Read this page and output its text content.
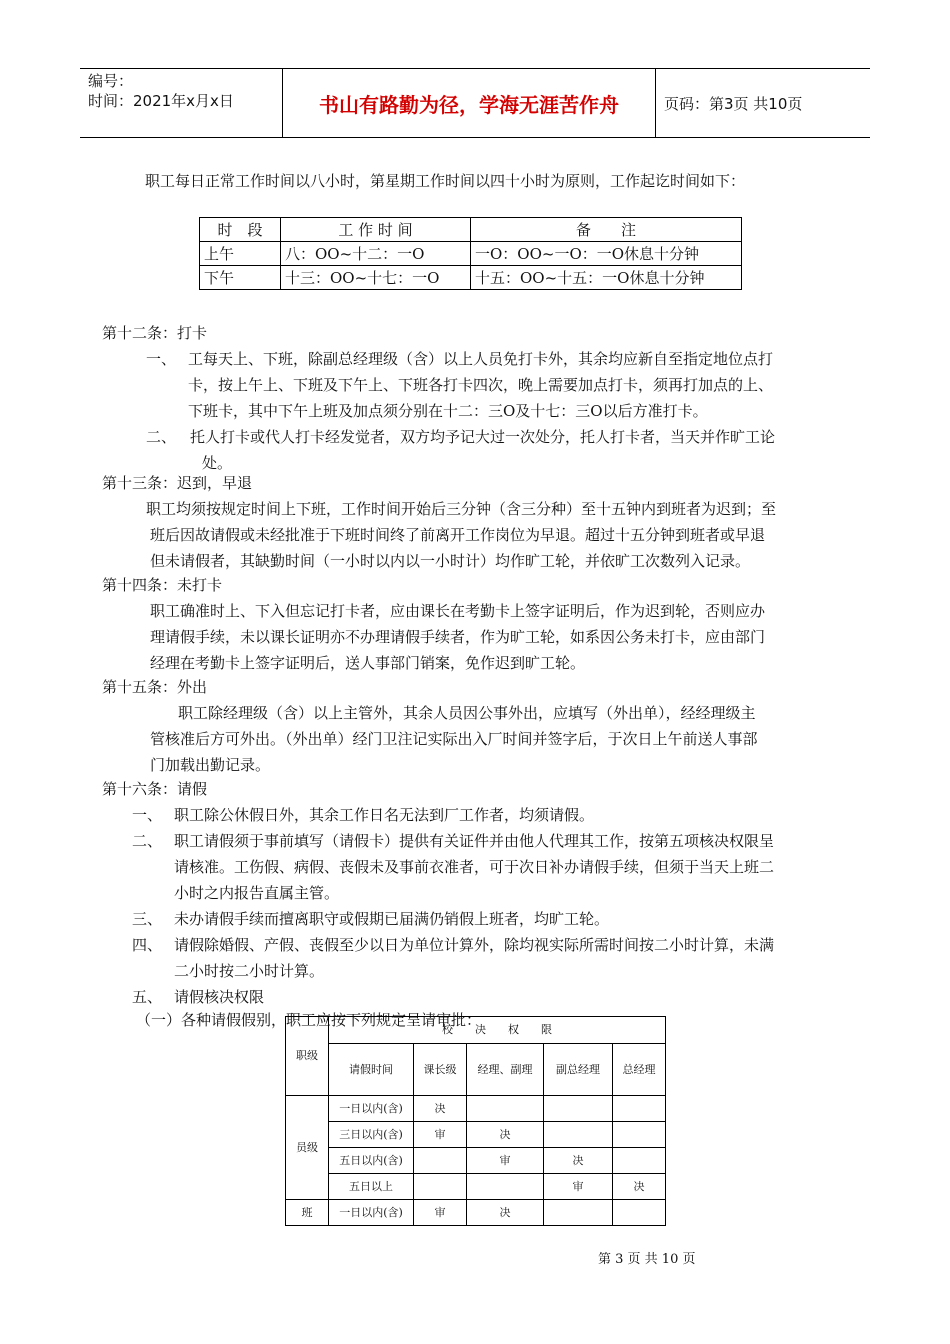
编号：
时间：2021年x月x日	书山有路勤为径，学海无涯苦作舟	页码：第3页 共10页
职工每日正常工作时间以八小时，第星期工作时间以四十小时为原则，工作起讫时间如下：
时　段	工 作 时 间	备　　注
上午	八：OO~十二：一O	一O：OO~一O：一O休息十分钟
下午	十三：OO~十七：一O	十五：OO~十五：一O休息十分钟
第十二条：打卡
一、 工每天上、下班，除副总经理级（含）以上人员免打卡外，其余均应新自至指定地位点打
卡，按上午上、下班及下午上、下班各打卡四次，晚上需要加点打卡，须再打加点的上、
下班卡，其中下午上班及加点须分别在十二：三O及十七：三O以后方准打卡。
二、 托人打卡或代人打卡经发觉者，双方均予记大过一次处分，托人打卡者，当天并作旷工论
处。
第十三条：迟到，早退
职工均须按规定时间上下班，工作时间开始后三分钟（含三分种）至十五钟内到班者为迟到；至
班后因故请假或未经批准于下班时间终了前离开工作岗位为早退。超过十五分钟到班者或早退
但未请假者，其缺勤时间（一小时以内以一小时计）均作旷工轮，并依旷工次数列入记录。
第十四条：未打卡
职工确准时上、下入但忘记打卡者，应由课长在考勤卡上签字证明后，作为迟到轮，否则应办
理请假手续，未以课长证明亦不办理请假手续者，作为旷工轮，如系因公务未打卡，应由部门
经理在考勤卡上签字证明后，送人事部门销案，免作迟到旷工轮。
第十五条：外出
职工除经理级（含）以上主管外，其余人员因公事外出，应填写（外出单），经经理级主
管核准后方可外出。（外出单）经门卫注记实际出入厂时间并签字后，于次日上午前送人事部
门加载出勤记录。
第十六条：请假
一、 职工除公休假日外，其余工作日名无法到厂工作者，均须请假。
二、 职工请假须于事前填写（请假卡）提供有关证件并由他人代理其工作，按第五项核决权限呈
请核准。工伤假、病假、丧假未及事前衣准者，可于次日补办请假手续，但须于当天上班二
小时之内报告直属主管。
三、 未办请假手续而擅离职守或假期已届满仍销假上班者，均旷工轮。
四、 请假除婚假、产假、丧假至少以日为单位计算外，除均视实际所需时间按二小时计算，未满
二小时按二小时计算。
五、 请假核决权限
（一）各种请假假别，职工应按下列规定呈请审批：
职级	校　　决　　权　　限				
	请假时间	课长级	经理、副理	副总经理	总经理
员级	一日以内(含)	决			
	三日以内(含)	审	决		
	五日以内(含)		审	决	
	五日以上			审	决
班	一日以内(含)	审	决		
第 3 页 共 10 页
